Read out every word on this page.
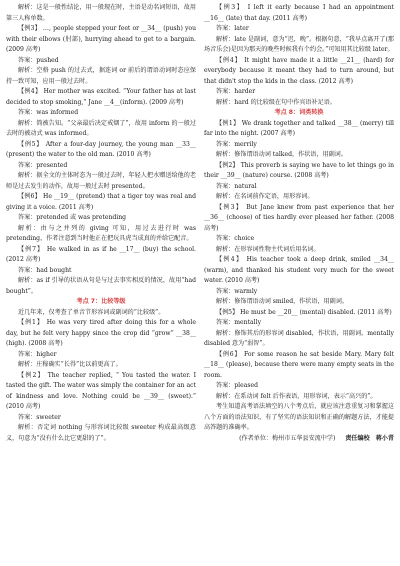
解析：这是一般性结论，用一般现在时，主语是动名词短语，故用第三人称单数。

【例3】 …, people stepped your feet or __34__ (push) you with their elbows (肘部), hurrying ahead to get to a bargain.(2009 高考)

答案：pushed

解析：空格 push 的过去式，据连词 or 前后的谓语动词时态应保持一致可知，应用一般过去时。

【例4】 Her mother was excited. “Your father has at last decided to stop smoking,” Jane __4__(inform). (2009 高考)

答案：was informed

解析：简被告知。“父亲最后决定戒烟了”，故用 inform 的一般过去时的被动式 was informed。

【例5】 After a four-day journey, the young man __33__ (present) the water to the old man. (2010 高考)

答案：presented

解析：据全文的主体时态为一般过去时，年轻人把水赠送给他的老师是过去发生的动作，故用一般过去时 presented。

【例6】 He __19__ (pretend) that a tiger toy was real and giving it a voice. (2011 高考)

答案：pretended 或 was pretending

解析：由与之并列的 giving 可知，用过去进行时 was pretending，作者注意到当时他正在把玩具虎当成真的并给它配音。

【例7】 He walked in as if he __17__ (buy) the school. (2012 高考)

答案：had bought

解析：as if 引导的状语从句是与过去事实相反的情况，故用“had bought”。

考点 7：比较等级

近几年来，仅考查了单音节形容词或副词的“比较级”。

【例1】 He was very tired after doing this for a whole day, but he felt very happy since the crop did “grow” __38__ (high). (2008 高考)

答案：higher

解析：庄稼确实“长得”比以前更高了。

【例2】 The teacher replied, “ You tasted the water. I tasted the gift. The water was simply the container for an act of kindness and love. Nothing could be __39__ (sweet).” (2010 高考)

答案：sweeter

解析：否定词 nothing 与形容词比较级 sweeter 构成最高级意义，句意为“没有什么比它更甜的了”。

【例3】 I left it early because I had an appointment __16__ (late) that day. (2011 高考)

答案：later

解析：late 是副词，意为“迟，晚”。根据句意，“我早点离开了(那场音乐会)是因为那天的晚些时候我有个约会。”可知用其比较级 later。

【例4】 It might have made it a little __21__ (hard) for everybody because it meant they had to turn around, but that didn't stop the kids in the class. (2012 高考)

答案：harder

解析：hard 的比较级在句中作宾语补足语。

考点 8：词类转换

【例1】 We drank together and talked __38__ (merry) till far into the night. (2007 高考)

答案：merrily

解析：修饰谓语动词 talked，作状语，用副词。

【例2】 This proverb is saying we have to let things go in their __39__ (nature) course. (2008 高考)

答案：natural

解析：在名词前作定语，用形容词。

【例3】 But Jane knew from past experience that her __36__ (choose) of ties hardly ever pleased her father. (2008 高考)

答案：choice

解析：在形容词性物主代词后用名词。

【例4】 His teacher took a deep drink, smiled __34__ (warm), and thanked his student very much for the sweet water. (2010 高考)

答案：warmly

解析：修饰谓语动词 smiled，作状语，用副词。

【例5】 He must be __20__ (mental) disabled. (2011 高考)

答案：mentally

解析：修饰其后的形容词 disabled，作状语，用副词。mentally disabled 意为“弱智”。

【例6】 For some reason he sat beside Mary. Mary felt __18__ (please), because there were many empty seats in the room.

答案：pleased

解析：在系动词 felt 后作表语，用形容词，表示“高兴的”。

考生知道高考语法填空的八个考点后，就应该注意重复习和掌握这八个方面的语法知识，有了坚实的语法知识和正确的解题方法，才能提高答题的准确率。

(作者单位：梅州市五华县安流中学) 责任编校 蒋小青
